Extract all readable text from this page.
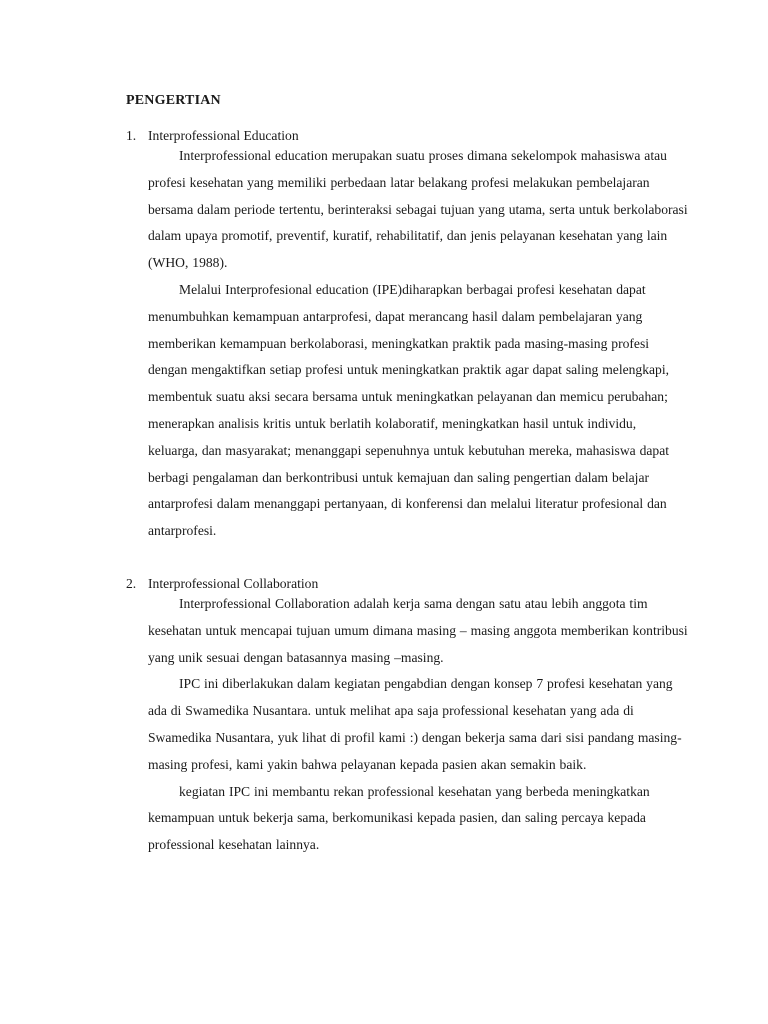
PENGERTIAN
1. Interprofessional Education

Interprofessional education merupakan suatu proses dimana sekelompok mahasiswa atau profesi kesehatan yang memiliki perbedaan latar belakang profesi melakukan pembelajaran bersama dalam periode tertentu, berinteraksi sebagai tujuan yang utama, serta untuk berkolaborasi dalam upaya promotif, preventif, kuratif, rehabilitatif, dan jenis pelayanan kesehatan yang lain (WHO, 1988).

Melalui Interprofesional education (IPE)diharapkan berbagai profesi kesehatan dapat menumbuhkan kemampuan antarprofesi, dapat merancang hasil dalam pembelajaran yang memberikan kemampuan berkolaborasi, meningkatkan praktik pada masing-masing profesi dengan mengaktifkan setiap profesi untuk meningkatkan praktik agar dapat saling melengkapi, membentuk suatu aksi secara bersama untuk meningkatkan pelayanan dan memicu perubahan; menerapkan analisis kritis untuk berlatih kolaboratif, meningkatkan hasil untuk individu, keluarga, dan masyarakat; menanggapi sepenuhnya untuk kebutuhan mereka, mahasiswa dapat berbagi pengalaman dan berkontribusi untuk kemajuan dan saling pengertian dalam belajar antarprofesi dalam menanggapi pertanyaan, di konferensi dan melalui literatur profesional dan antarprofesi.

2. Interprofessional Collaboration

Interprofessional Collaboration adalah kerja sama dengan satu atau lebih anggota tim kesehatan untuk mencapai tujuan umum dimana masing – masing anggota memberikan kontribusi yang unik sesuai dengan batasannya masing –masing.

IPC ini diberlakukan dalam kegiatan pengabdian dengan konsep 7 profesi kesehatan yang ada di Swamedika Nusantara. untuk melihat apa saja professional kesehatan yang ada di Swamedika Nusantara, yuk lihat di profil kami :) dengan bekerja sama dari sisi pandang masing-masing profesi, kami yakin bahwa pelayanan kepada pasien akan semakin baik.

kegiatan IPC ini membantu rekan professional kesehatan yang berbeda meningkatkan kemampuan untuk bekerja sama, berkomunikasi kepada pasien, dan saling percaya kepada professional kesehatan lainnya.
